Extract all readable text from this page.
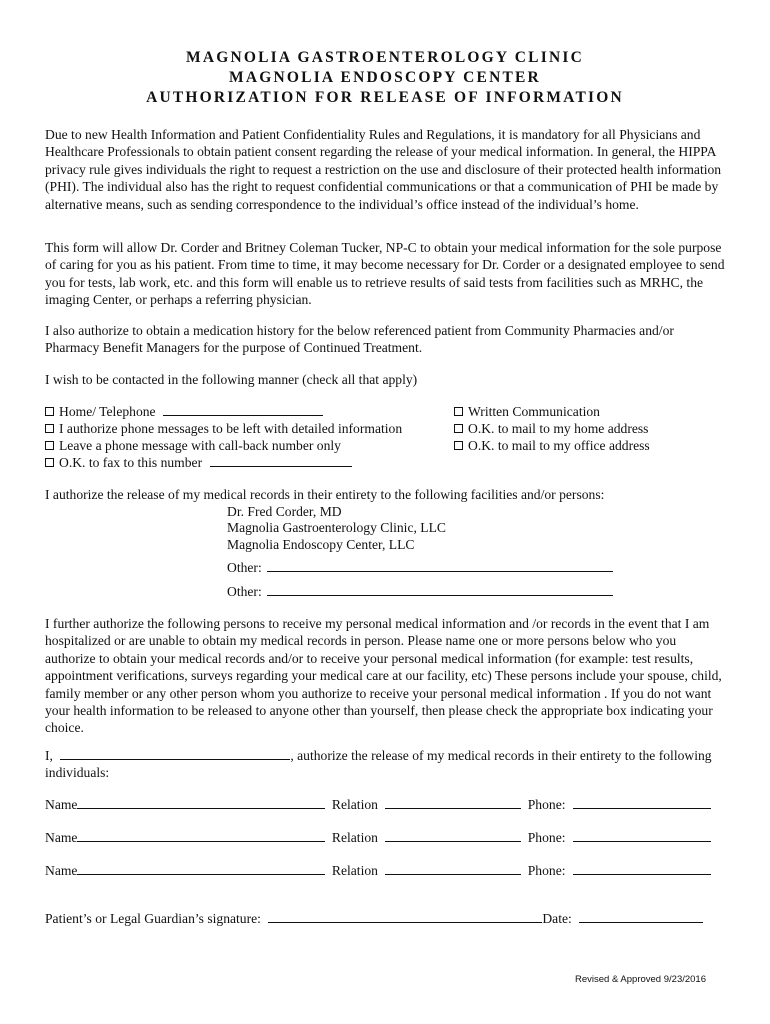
MAGNOLIA GASTROENTEROLOGY CLINIC
MAGNOLIA ENDOSCOPY CENTER
AUTHORIZATION FOR RELEASE OF INFORMATION
Due to new Health Information and Patient Confidentiality Rules and Regulations, it is mandatory for all Physicians and Healthcare Professionals to obtain patient consent regarding the release of your medical information. In general, the HIPPA privacy rule gives individuals the right to request a restriction on the use and disclosure of their protected health information (PHI). The individual also has the right to request confidential communications or that a communication of PHI be made by alternative means, such as sending correspondence to the individual’s office instead of the individual’s home.
This form will allow Dr. Corder and Britney Coleman Tucker, NP-C to obtain your medical information for the sole purpose of caring for you as his patient. From time to time, it may become necessary for Dr. Corder or a designated employee to send you for tests, lab work, etc. and this form will enable us to retrieve results of said tests from facilities such as MRHC, the imaging Center, or perhaps a referring physician.
I also authorize to obtain a medication history for the below referenced patient from Community Pharmacies and/or Pharmacy Benefit Managers for the purpose of Continued Treatment.
I wish to be contacted in the following manner (check all that apply)
Home/ Telephone
I authorize phone messages to be left with detailed information
Leave a phone message with call-back number only
O.K. to fax to this number
Written Communication
O.K. to mail to my home address
O.K. to mail to my office address
I authorize the release of my medical records in their entirety to the following facilities and/or persons:
Dr. Fred Corder, MD
Magnolia Gastroenterology Clinic, LLC
Magnolia Endoscopy Center, LLC
Other:
Other:
I further authorize the following persons to receive my personal medical information and /or records in the event that I am hospitalized or are unable to obtain my medical records in person. Please name one or more persons below who you authorize to obtain your medical records and/or to receive your personal medical information (for example: test results, appointment verifications, surveys regarding your medical care at our facility, etc) These persons include your spouse, child, family member or any other person whom you authorize to receive your personal medical information . If you do not want your health information to be released to anyone other than yourself, then please check the appropriate box indicating your choice.
I,	, authorize the release of my medical records in their entirety to the following
individuals:
Name	Relation	Phone:
Name	Relation	Phone:
Name	Relation	Phone:
Patient’s or Legal Guardian’s signature:	Date:
Revised & Approved 9/23/2016
